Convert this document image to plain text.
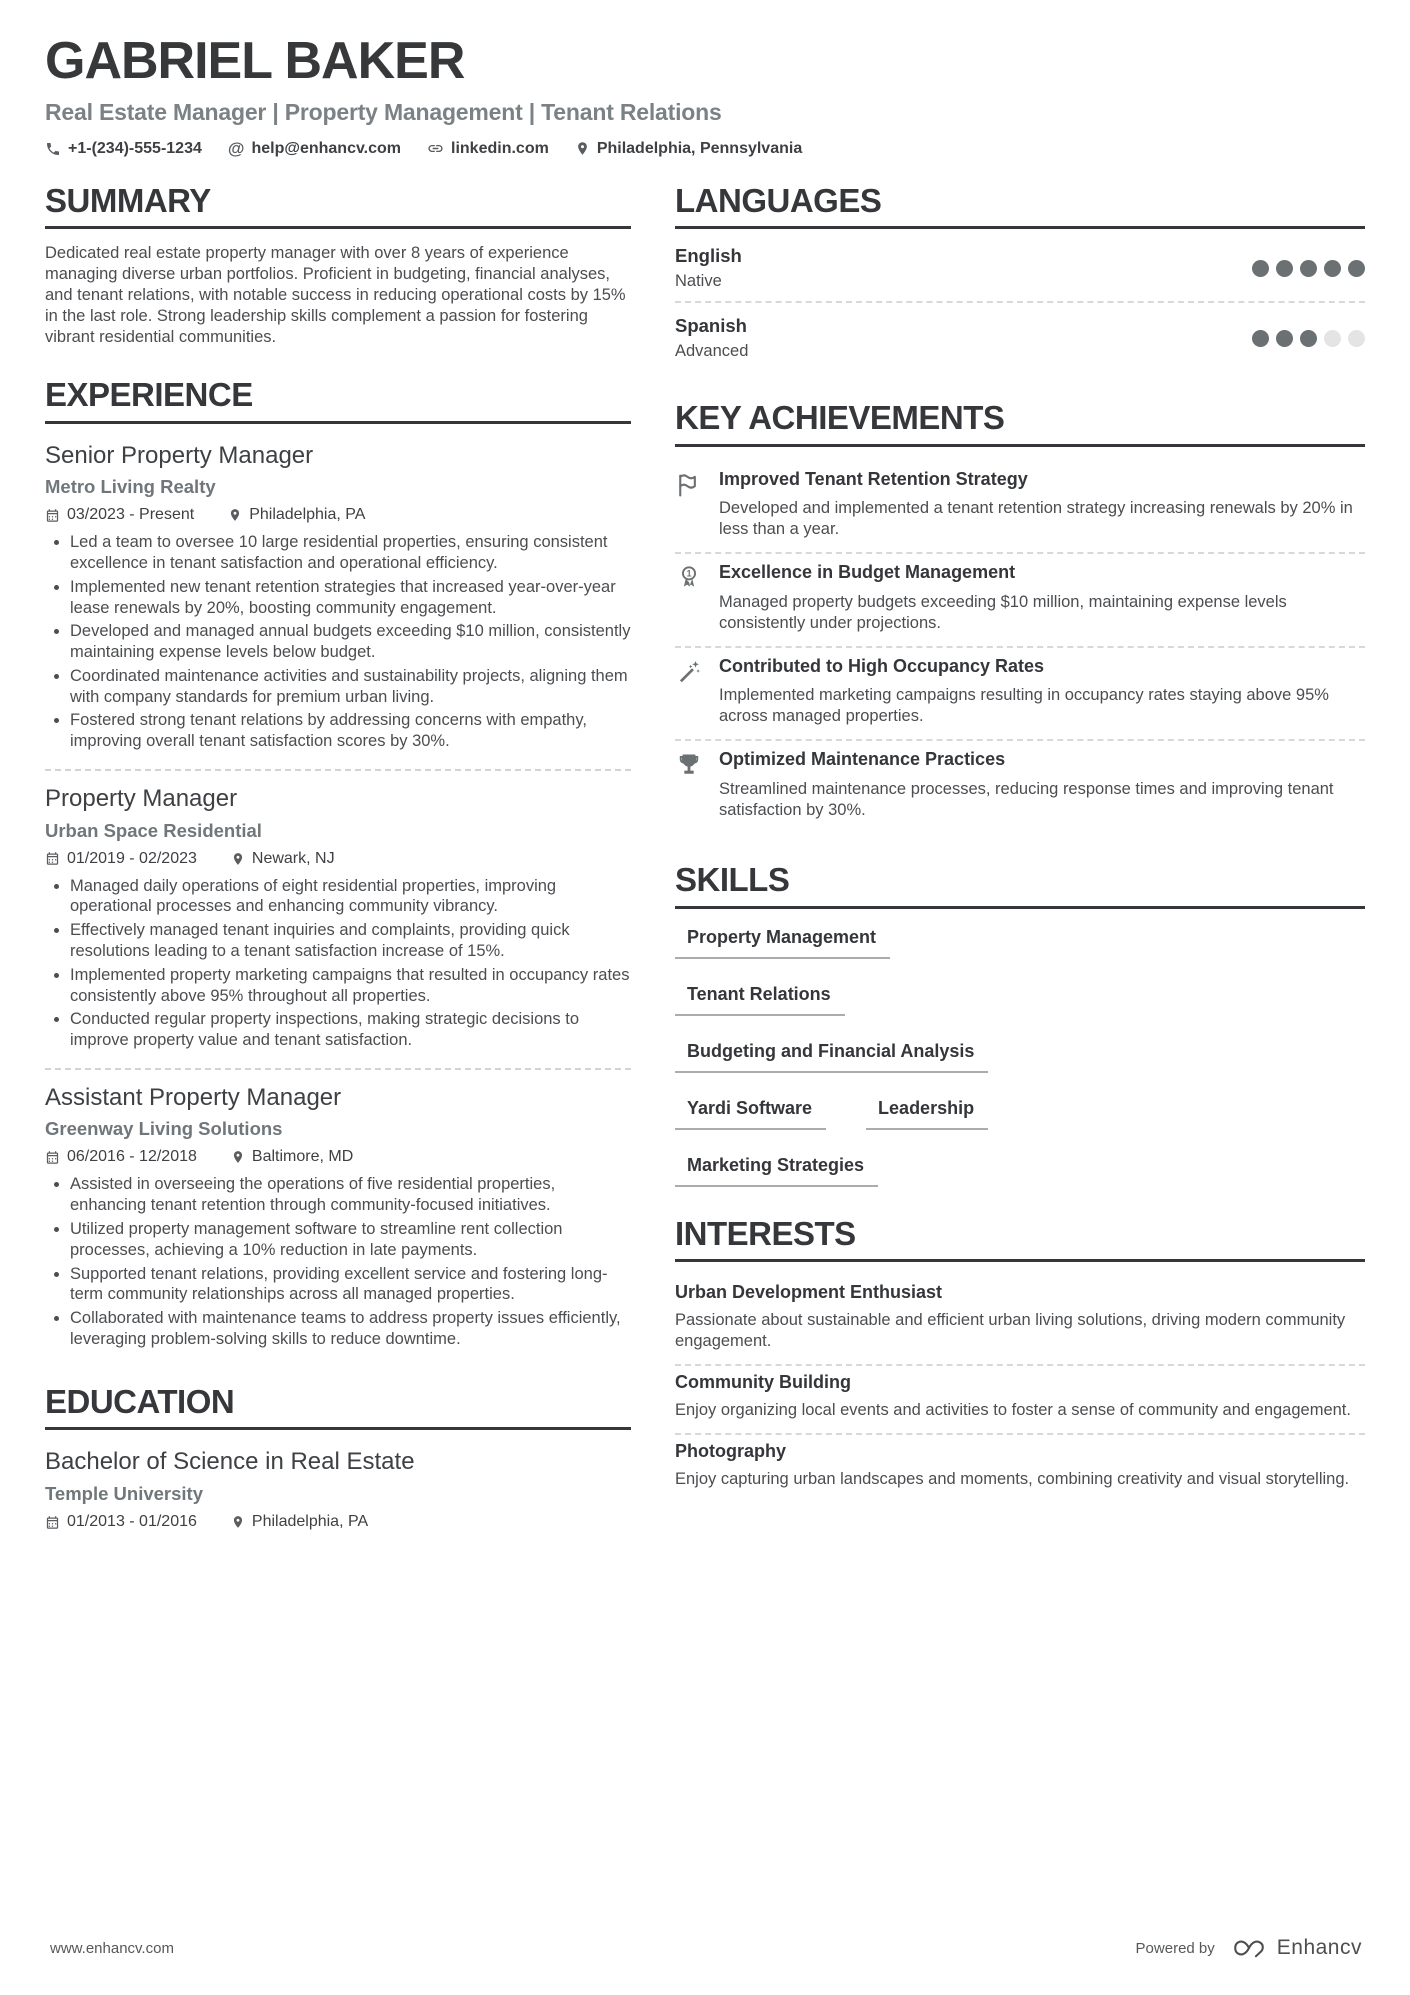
GABRIEL BAKER
Real Estate Manager | Property Management | Tenant Relations
+1-(234)-555-1234 @ help@enhancv.com	linkedin.com	Philadelphia, Pennsylvania
SUMMARY

Dedicated real estate property manager with over 8 years of experience managing diverse urban portfolios. Proficient in budgeting, financial analyses, and tenant relations, with notable success in reducing operational costs by 15% in the last role. Strong leadership skills complement a passion for fostering vibrant residential communities.

EXPERIENCE
Senior Property Manager
Metro Living Realty
03/2023 - Present	Philadelphia, PA
Led a team to oversee 10 large residential properties, ensuring consistent excellence in tenant satisfaction and operational efficiency.
Implemented new tenant retention strategies that increased year-over-year lease renewals by 20%, boosting community engagement.
Developed and managed annual budgets exceeding $10 million, consistently maintaining expense levels below budget.
Coordinated maintenance activities and sustainability projects, aligning them with company standards for premium urban living.
Fostered strong tenant relations by addressing concerns with empathy, improving overall tenant satisfaction scores by 30%.
Property Manager
Urban Space Residential
01/2019 - 02/2023	Newark, NJ
Managed daily operations of eight residential properties, improving operational processes and enhancing community vibrancy.
Effectively managed tenant inquiries and complaints, providing quick resolutions leading to a tenant satisfaction increase of 15%.
Implemented property marketing campaigns that resulted in occupancy rates consistently above 95% throughout all properties.
Conducted regular property inspections, making strategic decisions to improve property value and tenant satisfaction.
Assistant Property Manager
Greenway Living Solutions
06/2016 - 12/2018	Baltimore, MD
Assisted in overseeing the operations of five residential properties, enhancing tenant retention through community-focused initiatives.
Utilized property management software to streamline rent collection processes, achieving a 10% reduction in late payments.
Supported tenant relations, providing excellent service and fostering long-term community relationships across all managed properties.
Collaborated with maintenance teams to address property issues efficiently, leveraging problem-solving skills to reduce downtime.
EDUCATION
Bachelor of Science in Real Estate
Temple University
01/2013 - 01/2016	Philadelphia, PA
LANGUAGES
English
Native
Spanish
Advanced
KEY ACHIEVEMENTS
Improved Tenant Retention Strategy
Developed and implemented a tenant retention strategy increasing renewals by 20% in less than a year.
1 Excellence in Budget Management
Managed property budgets exceeding $10 million, maintaining expense levels consistently under projections.
Contributed to High Occupancy Rates
Implemented marketing campaigns resulting in occupancy rates staying above 95% across managed properties.
Optimized Maintenance Practices
Streamlined maintenance processes, reducing response times and improving tenant satisfaction by 30%.
SKILLS
Property Management
Tenant Relations
Budgeting and Financial Analysis
Yardi Software	Leadership
Marketing Strategies
INTERESTS
Urban Development Enthusiast
Passionate about sustainable and efficient urban living solutions, driving modern community engagement.
Community Building
Enjoy organizing local events and activities to foster a sense of community and engagement.
Photography
Enjoy capturing urban landscapes and moments, combining creativity and visual storytelling.
www.enhancv.com	Powered by	Enhancv
